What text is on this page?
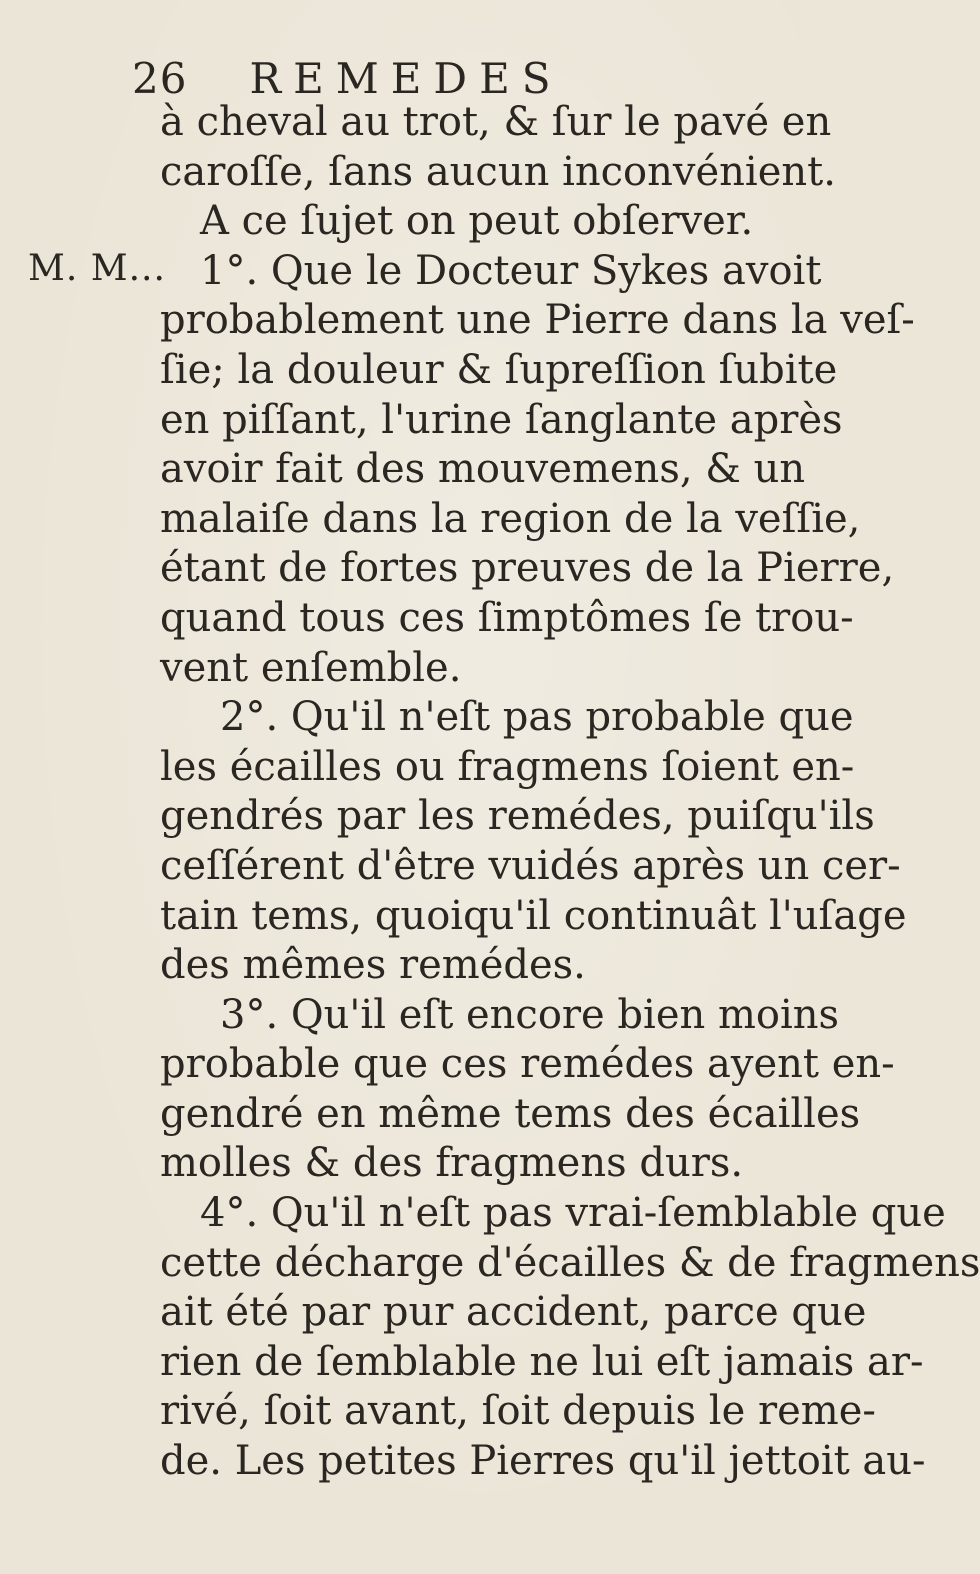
26 REMEDES
M. M...
à cheval au trot, & ſur le pavé en
caroſſe, ſans aucun inconvénient.
A ce ſujet on peut obſerver.
1°. Que le Docteur Sykes avoit
probablement une Pierre dans la veſ-
ſie; la douleur & ſupreſſion ſubite
en piſſant, l'urine ſanglante après
avoir fait des mouvemens, & un
malaiſe dans la region de la veſſie,
étant de fortes preuves de la Pierre,
quand tous ces ſimptômes ſe trou-
vent enſemble.
2°. Qu'il n'eſt pas probable que
les écailles ou fragmens ſoient en-
gendrés par les remédes, puiſqu'ils
ceſſérent d'être vuidés après un cer-
tain tems, quoiqu'il continuât l'uſage
des mêmes remédes.
3°. Qu'il eſt encore bien moins
probable que ces remédes ayent en-
gendré en même tems des écailles
molles & des fragmens durs.
4°. Qu'il n'eſt pas vrai-ſemblable que
cette décharge d'écailles & de fragmens
ait été par pur accident, parce que
rien de ſemblable ne lui eſt jamais ar-
rivé, ſoit avant, ſoit depuis le reme-
de. Les petites Pierres qu'il jettoit au-
